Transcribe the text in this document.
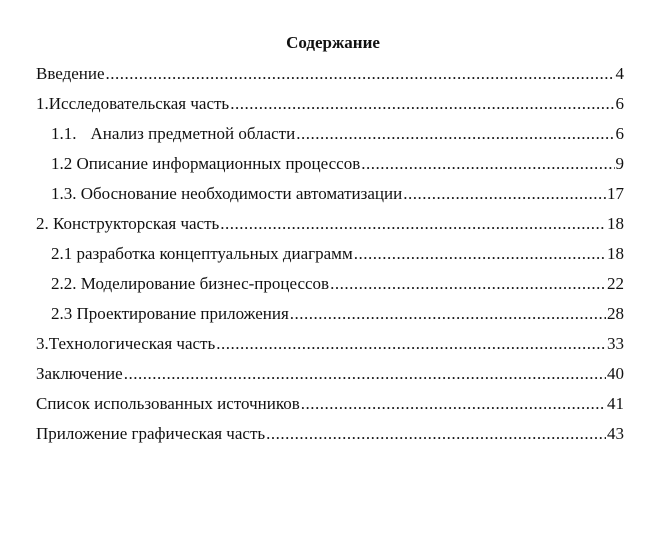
Содержание
Введение .....	4
1.Исследовательская часть .....	6
1.1. Анализ предметной области .....	6
1.2 Описание информационных процессов .....	9
1.3. Обоснование необходимости автоматизации .....	17
2. Конструкторская часть .....	18
2.1 разработка концептуальных диаграмм .....	18
2.2. Моделирование бизнес-процессов .....	22
2.3 Проектирование приложения .....	28
3.Технологическая часть .....	33
Заключение .....	40
Список использованных источников .....	41
Приложение графическая часть .....	43
